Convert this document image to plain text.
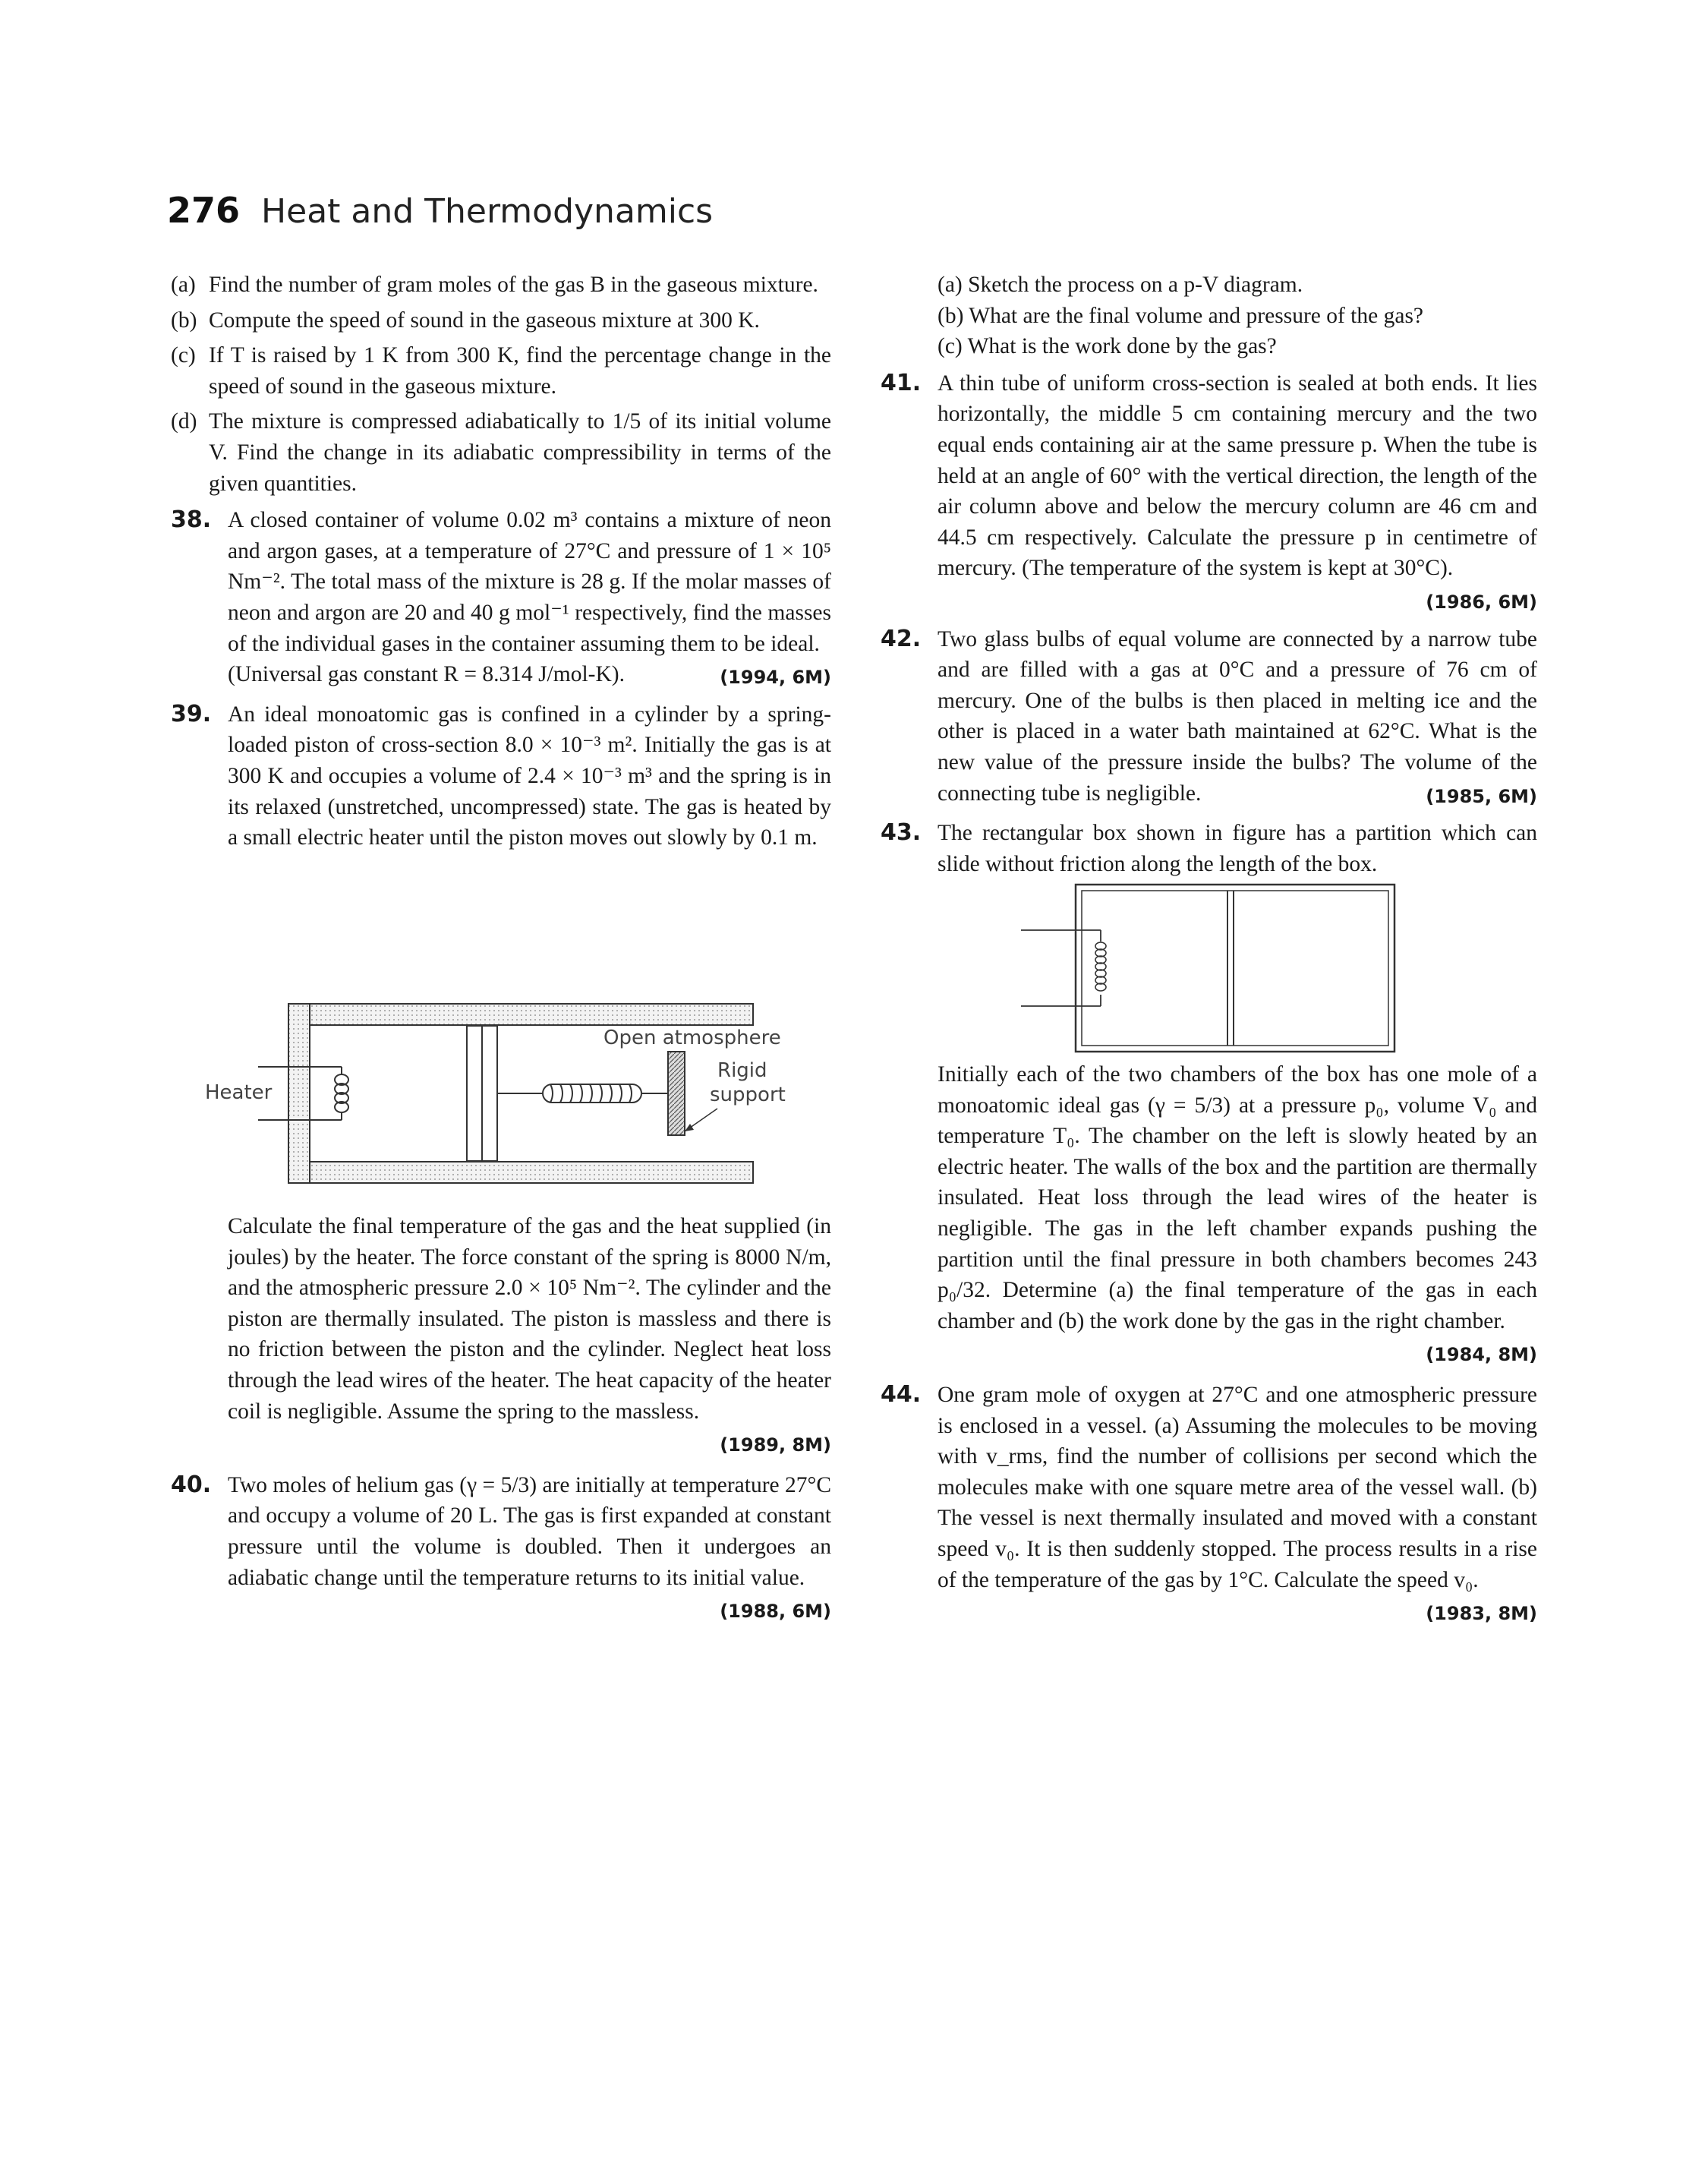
276 Heat and Thermodynamics
(a) Find the number of gram moles of the gas B in the gaseous mixture.
(b) Compute the speed of sound in the gaseous mixture at 300 K.
(c) If T is raised by 1 K from 300 K, find the percentage change in the speed of sound in the gaseous mixture.
(d) The mixture is compressed adiabatically to 1/5 of its initial volume V. Find the change in its adiabatic compressibility in terms of the given quantities.
38. A closed container of volume 0.02 m³ contains a mixture of neon and argon gases, at a temperature of 27°C and pressure of 1 × 10⁵ Nm⁻². The total mass of the mixture is 28 g. If the molar masses of neon and argon are 20 and 40 g mol⁻¹ respectively, find the masses of the individual gases in the container assuming them to be ideal.
(Universal gas constant R = 8.314 J/mol-K).	(1994, 6M)
39. An ideal monoatomic gas is confined in a cylinder by a spring-loaded piston of cross-section 8.0 × 10⁻³ m². Initially the gas is at 300 K and occupies a volume of 2.4 × 10⁻³ m³ and the spring is in its relaxed (unstretched, uncompressed) state. The gas is heated by a small electric heater until the piston moves out slowly by 0.1 m.
Heater
Open atmosphere
Rigid
support
Calculate the final temperature of the gas and the heat supplied (in joules) by the heater. The force constant of the spring is 8000 N/m, and the atmospheric pressure 2.0 × 10⁵ Nm⁻². The cylinder and the piston are thermally insulated. The piston is massless and there is no friction between the piston and the cylinder. Neglect heat loss through the lead wires of the heater. The heat capacity of the heater coil is negligible. Assume the spring to the massless.
(1989, 8M)
40. Two moles of helium gas (γ = 5/3) are initially at temperature 27°C and occupy a volume of 20 L. The gas is first expanded at constant pressure until the volume is doubled. Then it undergoes an adiabatic change until the temperature returns to its initial value.
(1988, 6M)
(a) Sketch the process on a p-V diagram.
(b) What are the final volume and pressure of the gas?
(c) What is the work done by the gas?
41. A thin tube of uniform cross-section is sealed at both ends. It lies horizontally, the middle 5 cm containing mercury and the two equal ends containing air at the same pressure p. When the tube is held at an angle of 60° with the vertical direction, the length of the air column above and below the mercury column are 46 cm and 44.5 cm respectively. Calculate the pressure p in centimetre of mercury. (The temperature of the system is kept at 30°C).
(1986, 6M)
42. Two glass bulbs of equal volume are connected by a narrow tube and are filled with a gas at 0°C and a pressure of 76 cm of mercury. One of the bulbs is then placed in melting ice and the other is placed in a water bath maintained at 62°C. What is the new value of the pressure inside the bulbs? The volume of the connecting tube is negligible.	(1985, 6M)
43. The rectangular box shown in figure has a partition which can slide without friction along the length of the box.
Initially each of the two chambers of the box has one mole of a monoatomic ideal gas (γ = 5/3) at a pressure p₀, volume V₀ and temperature T₀. The chamber on the left is slowly heated by an electric heater. The walls of the box and the partition are thermally insulated. Heat loss through the lead wires of the heater is negligible. The gas in the left chamber expands pushing the partition until the final pressure in both chambers becomes 243 p₀/32. Determine (a) the final temperature of the gas in each chamber and (b) the work done by the gas in the right chamber.
(1984, 8M)
44. One gram mole of oxygen at 27°C and one atmospheric pressure is enclosed in a vessel. (a) Assuming the molecules to be moving with v_rms, find the number of collisions per second which the molecules make with one square metre area of the vessel wall. (b) The vessel is next thermally insulated and moved with a constant speed v₀. It is then suddenly stopped. The process results in a rise of the temperature of the gas by 1°C. Calculate the speed v₀.
(1983, 8M)
